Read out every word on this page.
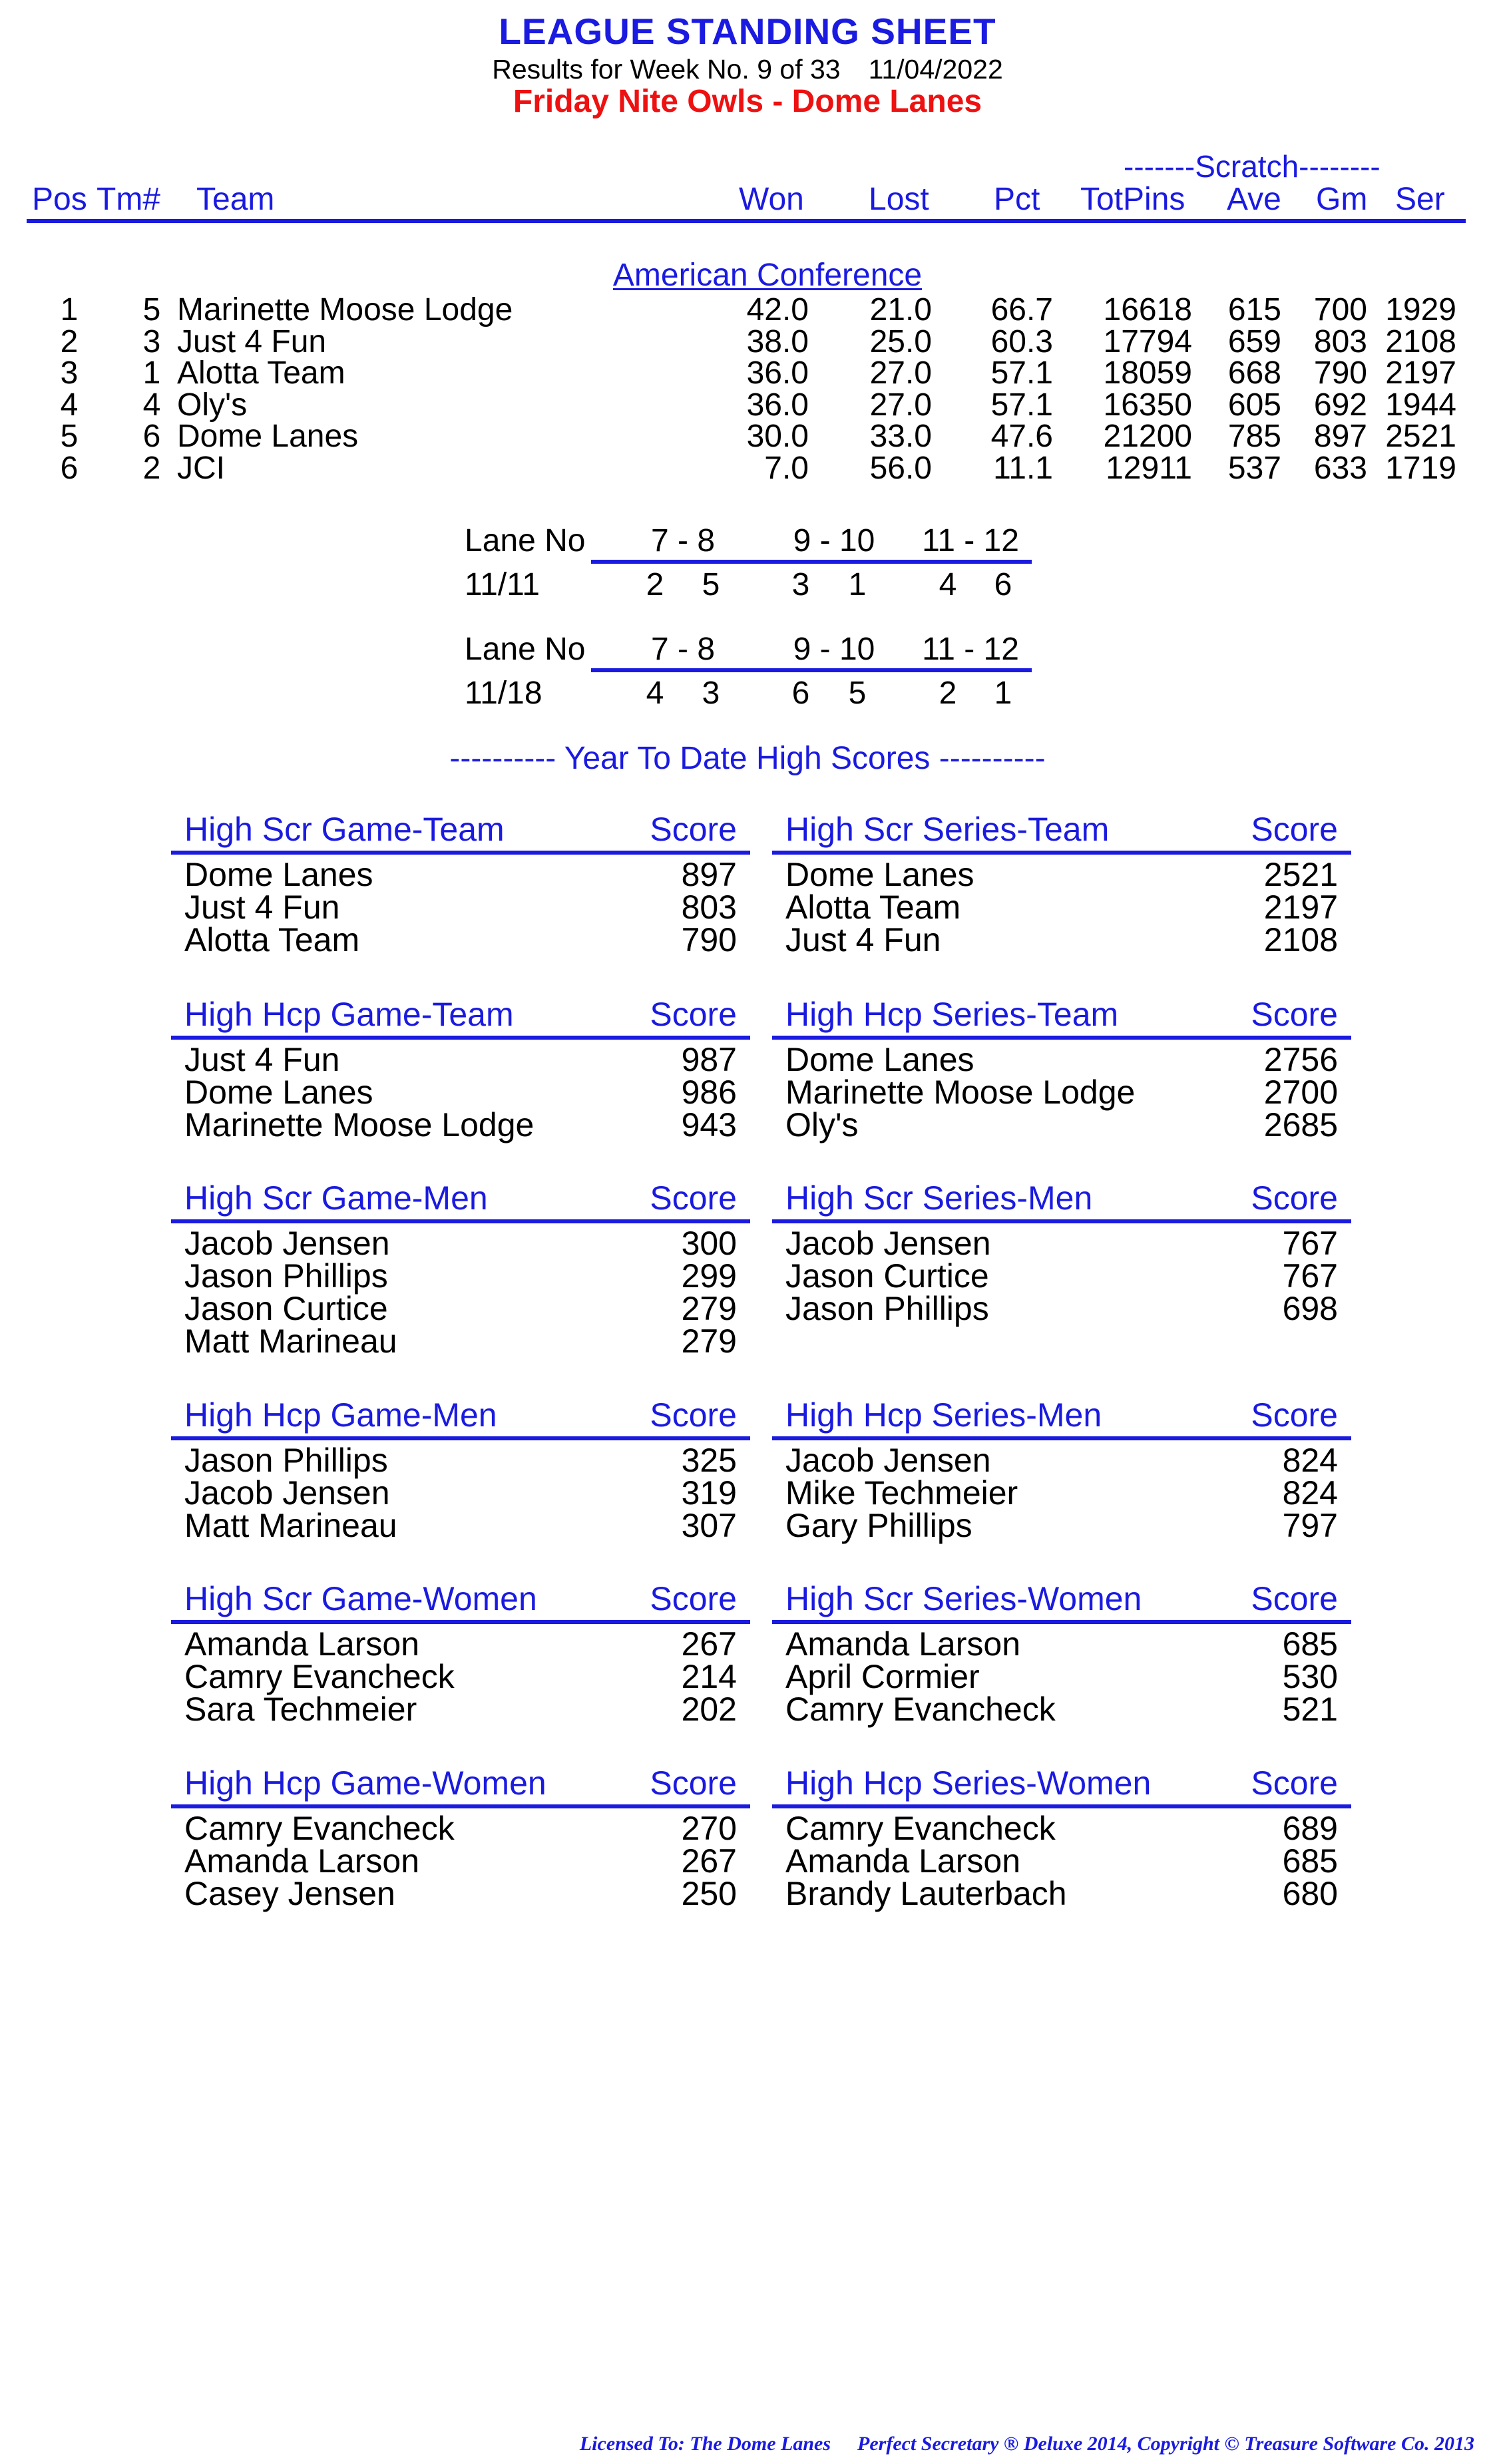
LEAGUE STANDING SHEET
Results for Week No. 9 of 33 11/04/2022
Friday Nite Owls - Dome Lanes
-------Scratch--------
Pos Tm# Team	Won Lost Pct TotPins Ave Gm Ser
American Conference
1	5 Marinette Moose Lodge	42.0 21.0 66.7 16618 615 700 1929
2	3 Just 4 Fun	38.0 25.0 60.3 17794 659 803 2108
3	1 Alotta Team	36.0 27.0 57.1 18059 668 790 2197
4	4 Oly's	36.0 27.0 57.1 16350 605 692 1944
5	6 Dome Lanes	30.0 33.0 47.6 21200 785 897 2521
6	2 JCI	7.0 56.0 11.1 12911 537 633 1719
Lane No	7 - 8	9 - 10	11 - 12
11/11	2	5	3	1	4	6
Lane No	7 - 8	9 - 10	11 - 12
11/18	4	3	6	5	2	1
---------- Year To Date High Scores ----------
High Scr Game-Team	Score
Dome Lanes	897
Just 4 Fun	803
Alotta Team	790
High Scr Series-Team	Score
Dome Lanes	2521
Alotta Team	2197
Just 4 Fun	2108
High Hcp Game-Team	Score
Just 4 Fun	987
Dome Lanes	986
Marinette Moose Lodge	943
High Hcp Series-Team	Score
Dome Lanes	2756
Marinette Moose Lodge	2700
Oly's	2685
High Scr Game-Men	Score
Jacob Jensen	300
Jason Phillips	299
Jason Curtice	279
Matt Marineau	279
High Scr Series-Men	Score
Jacob Jensen	767
Jason Curtice	767
Jason Phillips	698
High Hcp Game-Men	Score
Jason Phillips	325
Jacob Jensen	319
Matt Marineau	307
High Hcp Series-Men	Score
Jacob Jensen	824
Mike Techmeier	824
Gary Phillips	797
High Scr Game-Women	Score
Amanda Larson	267
Camry Evancheck	214
Sara Techmeier	202
High Scr Series-Women	Score
Amanda Larson	685
April Cormier	530
Camry Evancheck	521
High Hcp Game-Women	Score
Camry Evancheck	270
Amanda Larson	267
Casey Jensen	250
High Hcp Series-Women	Score
Camry Evancheck	689
Amanda Larson	685
Brandy Lauterbach	680
Licensed To: The Dome Lanes Perfect Secretary ® Deluxe 2014, Copyright © Treasure Software Co. 2013
